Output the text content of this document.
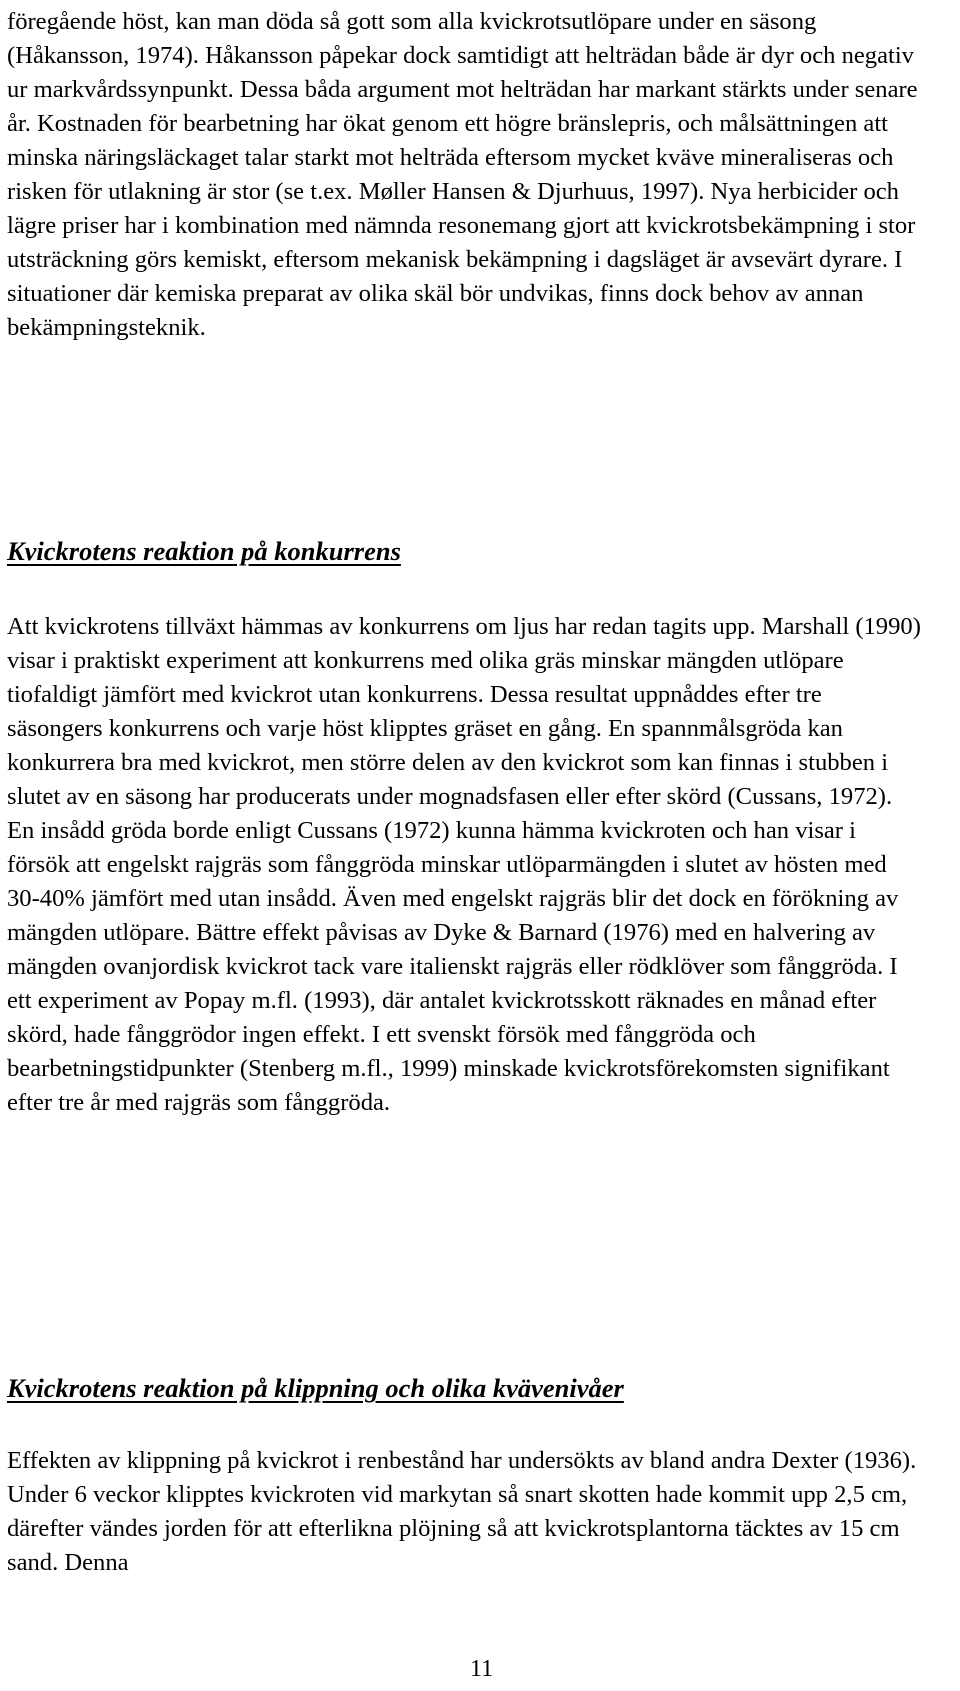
föregående höst, kan man döda så gott som alla kvickrotsutlöpare under en säsong (Håkansson, 1974). Håkansson påpekar dock samtidigt att helträdan både är dyr och negativ ur markvårdssynpunkt. Dessa båda argument mot helträdan har markant stärkts under senare år. Kostnaden för bearbetning har ökat genom ett högre bränslepris, och målsättningen att minska näringsläckaget talar starkt mot helträda eftersom mycket kväve mineraliseras och risken för utlakning är stor (se t.ex. Møller Hansen & Djurhuus, 1997). Nya herbicider och lägre priser har i kombination med nämnda resonemang gjort att kvickrotsbekämpning i stor utsträckning görs kemiskt, eftersom mekanisk bekämpning i dagsläget är avsevärt dyrare. I situationer där kemiska preparat av olika skäl bör undvikas, finns dock behov av annan bekämpningsteknik.

Kvickrotens reaktion på konkurrens

Att kvickrotens tillväxt hämmas av konkurrens om ljus har redan tagits upp. Marshall (1990) visar i praktiskt experiment att konkurrens med olika gräs minskar mängden utlöpare tiofaldigt jämfört med kvickrot utan konkurrens. Dessa resultat uppnåddes efter tre säsongers konkurrens och varje höst klipptes gräset en gång. En spannmålsgröda kan konkurrera bra med kvickrot, men större delen av den kvickrot som kan finnas i stubben i slutet av en säsong har producerats under mognadsfasen eller efter skörd (Cussans, 1972). En insådd gröda borde enligt Cussans (1972) kunna hämma kvickroten och han visar i försök att engelskt rajgräs som fånggröda minskar utlöparmängden i slutet av hösten med 30-40% jämfört med utan insådd. Även med engelskt rajgräs blir det dock en förökning av mängden utlöpare. Bättre effekt påvisas av Dyke & Barnard (1976) med en halvering av mängden ovanjordisk kvickrot tack vare italienskt rajgräs eller rödklöver som fånggröda. I ett experiment av Popay m.fl. (1993), där antalet kvickrotsskott räknades en månad efter skörd, hade fånggrödor ingen effekt. I ett svenskt försök med fånggröda och bearbetningstidpunkter (Stenberg m.fl., 1999) minskade kvickrotsförekomsten signifikant efter tre år med rajgräs som fånggröda.

Kvickrotens reaktion på klippning och olika kvävenivåer

Effekten av klippning på kvickrot i renbestånd har undersökts av bland andra Dexter (1936). Under 6 veckor klipptes kvickroten vid markytan så snart skotten hade kommit upp 2,5 cm, därefter vändes jorden för att efterlikna plöjning så att kvickrotsplantorna täcktes av 15 cm sand. Denna

11
